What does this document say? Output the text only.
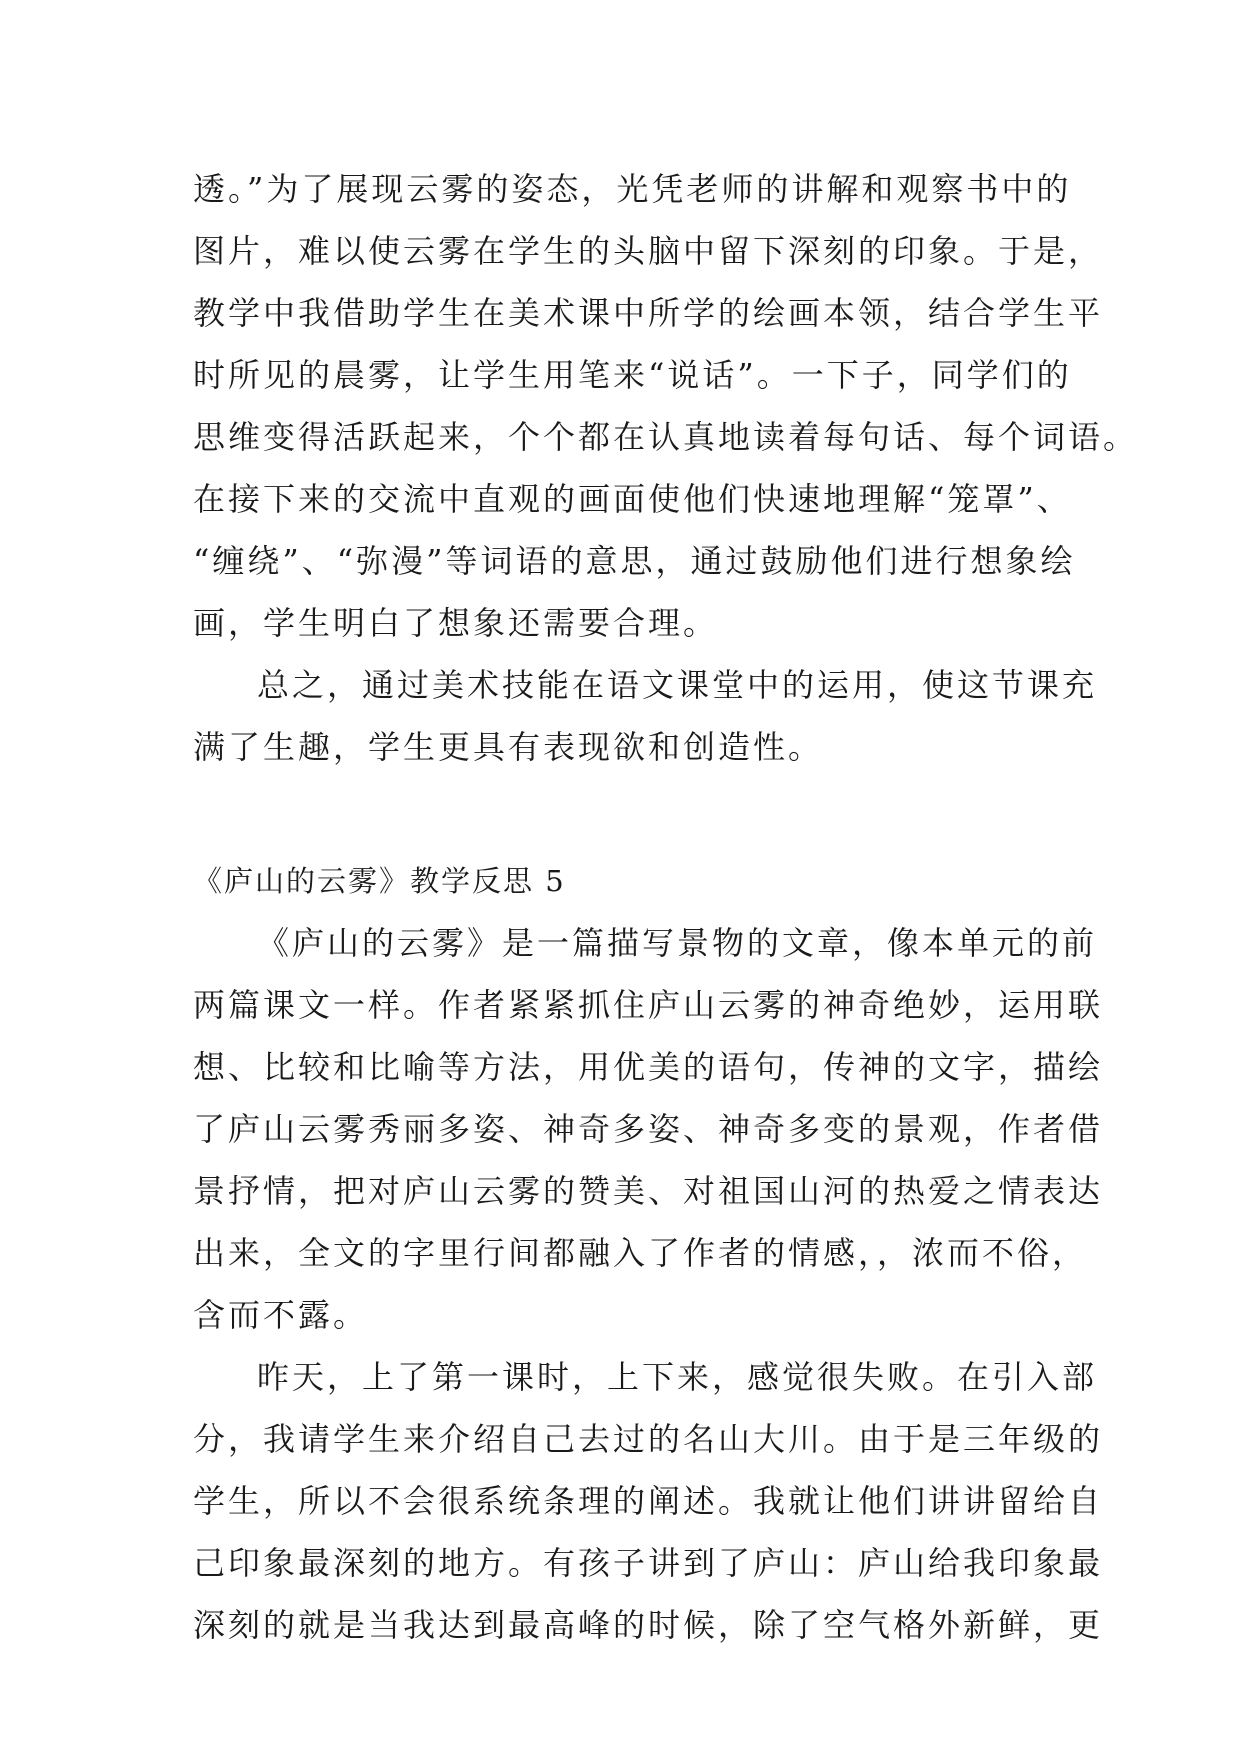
透。”为了展现云雾的姿态，光凭老师的讲解和观察书中的
图片，难以使云雾在学生的头脑中留下深刻的印象。于是，
教学中我借助学生在美术课中所学的绘画本领，结合学生平
时所见的晨雾，让学生用笔来“说话”。一下子，同学们的
思维变得活跃起来，个个都在认真地读着每句话、每个词语。
在接下来的交流中直观的画面使他们快速地理解“笼罩”、
“缠绕”、“弥漫”等词语的意思，通过鼓励他们进行想象绘
画，学生明白了想象还需要合理。
总之，通过美术技能在语文课堂中的运用，使这节课充
满了生趣，学生更具有表现欲和创造性。
《庐山的云雾》教学反思 5
《庐山的云雾》是一篇描写景物的文章，像本单元的前
两篇课文一样。作者紧紧抓住庐山云雾的神奇绝妙，运用联
想、比较和比喻等方法，用优美的语句，传神的文字，描绘
了庐山云雾秀丽多姿、神奇多姿、神奇多变的景观，作者借
景抒情，把对庐山云雾的赞美、对祖国山河的热爱之情表达
出来，全文的字里行间都融入了作者的情感，，浓而不俗，
含而不露。
昨天，上了第一课时，上下来，感觉很失败。在引入部
分，我请学生来介绍自己去过的名山大川。由于是三年级的
学生，所以不会很系统条理的阐述。我就让他们讲讲留给自
己印象最深刻的地方。有孩子讲到了庐山：庐山给我印象最
深刻的就是当我达到最高峰的时候，除了空气格外新鲜，更
